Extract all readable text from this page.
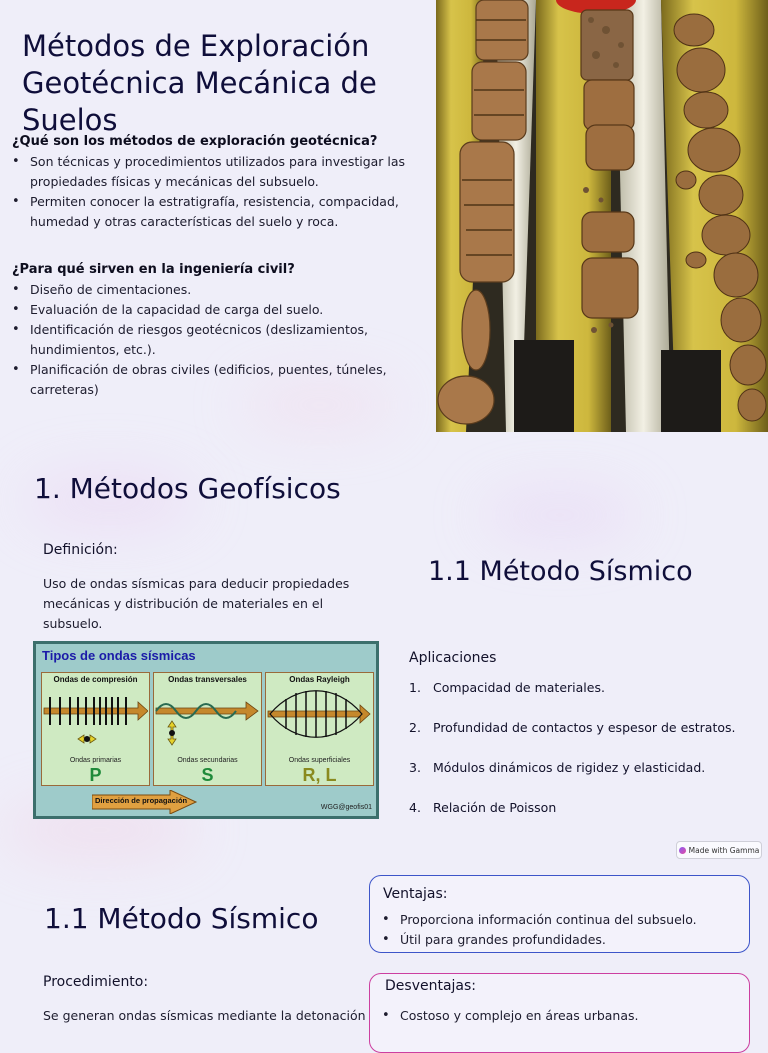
Métodos de Exploración Geotécnica Mecánica de Suelos
¿Qué son los métodos de exploración geotécnica?
• Son técnicas y procedimientos utilizados para investigar las propiedades físicas y mecánicas del subsuelo.
• Permiten conocer la estratigrafía, resistencia, compacidad, humedad y otras características del suelo y roca.
¿Para qué sirven en la ingeniería civil?
• Diseño de cimentaciones.
• Evaluación de la capacidad de carga del suelo.
• Identificación de riesgos geotécnicos (deslizamientos, hundimientos, etc.).
• Planificación de obras civiles (edificios, puentes, túneles, carreteras)
1. Métodos Geofísicos
Definición:
Uso de ondas sísmicas para deducir propiedades mecánicas y distribución de materiales en el subsuelo.
Tipos de ondas sísmicas
Ondas de compresión
Ondas primarias
P
Ondas transversales
Ondas secundarias
S
Ondas Rayleigh
Ondas superficiales
R, L
Dirección de propagación
WGG@geofis01
1.1 Método Sísmico
Aplicaciones
1. Compacidad de materiales.
2. Profundidad de contactos y espesor de estratos.
3. Módulos dinámicos de rigidez y elasticidad.
4. Relación de Poisson
Made with Gamma
1.1 Método Sísmico
Procedimiento:
Se generan ondas sísmicas mediante la detonación
Ventajas:
• Proporciona información continua del subsuelo.
• Útil para grandes profundidades.
Desventajas:
• Costoso y complejo en áreas urbanas.
